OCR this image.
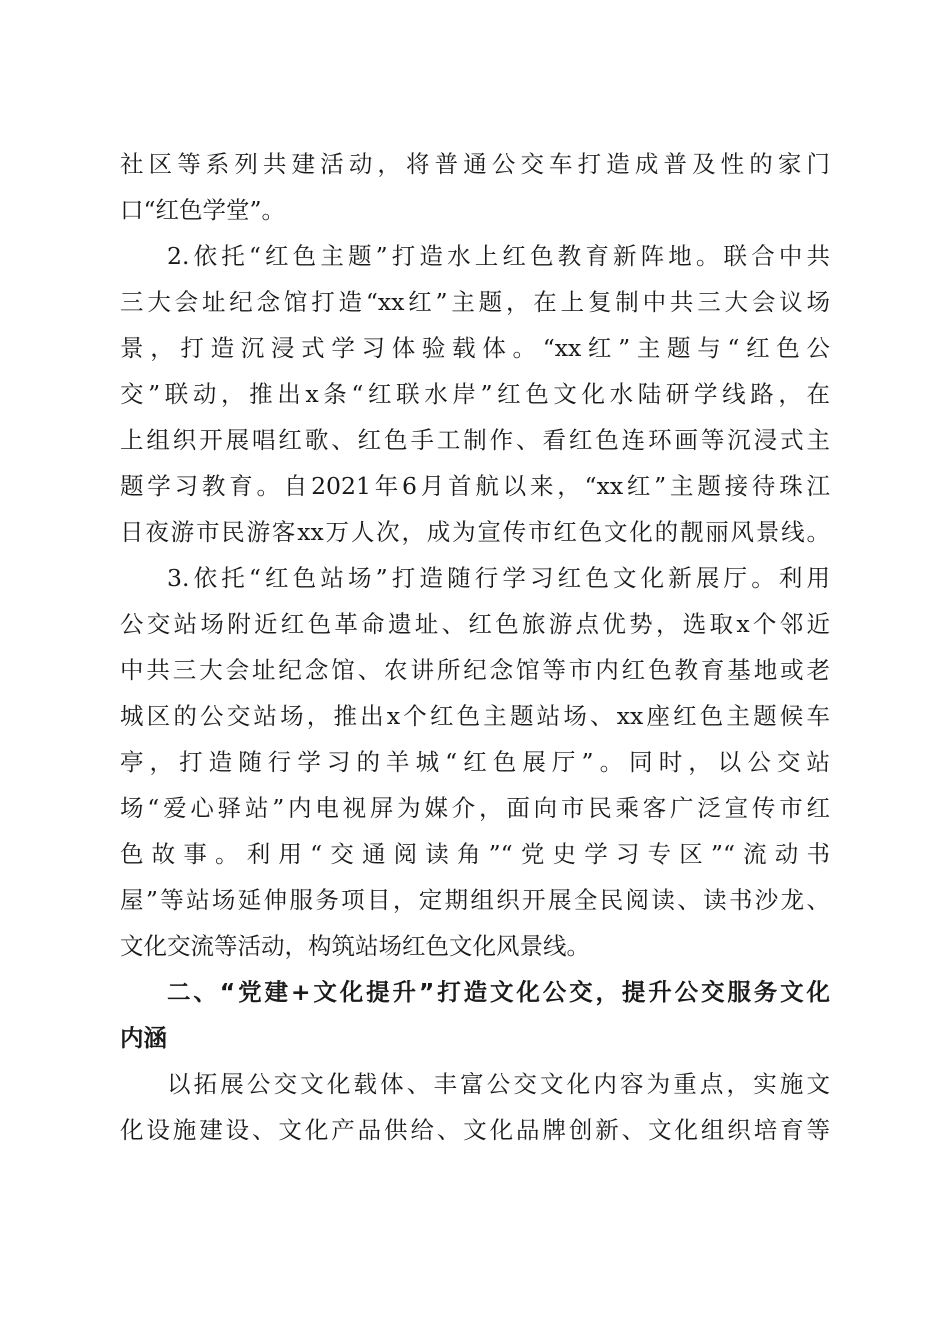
社区等系列共建活动，将普通公交车打造成普及性的家门
口“红色学堂”。
2.依托“红色主题”打造水上红色教育新阵地。联合中共
三大会址纪念馆打造“xx红”主题，在上复制中共三大会议场
景，打造沉浸式学习体验载体。“xx红”主题与“红色公
交”联动，推出x条“红联水岸”红色文化水陆研学线路，在
上组织开展唱红歌、红色手工制作、看红色连环画等沉浸式主
题学习教育。自2021年6月首航以来，“xx红”主题接待珠江
日夜游市民游客xx万人次，成为宣传市红色文化的靓丽风景线。
3.依托“红色站场”打造随行学习红色文化新展厅。利用
公交站场附近红色革命遗址、红色旅游点优势，选取x个邻近
中共三大会址纪念馆、农讲所纪念馆等市内红色教育基地或老
城区的公交站场，推出x个红色主题站场、xx座红色主题候车
亭，打造随行学习的羊城“红色展厅”。同时，以公交站
场“爱心驿站”内电视屏为媒介，面向市民乘客广泛宣传市红
色故事。利用“交通阅读角”“党史学习专区”“流动书
屋”等站场延伸服务项目，定期组织开展全民阅读、读书沙龙、
文化交流等活动，构筑站场红色文化风景线。
二、“党建+文化提升”打造文化公交，提升公交服务文化
内涵
以拓展公交文化载体、丰富公交文化内容为重点，实施文
化设施建设、文化产品供给、文化品牌创新、文化组织培育等
